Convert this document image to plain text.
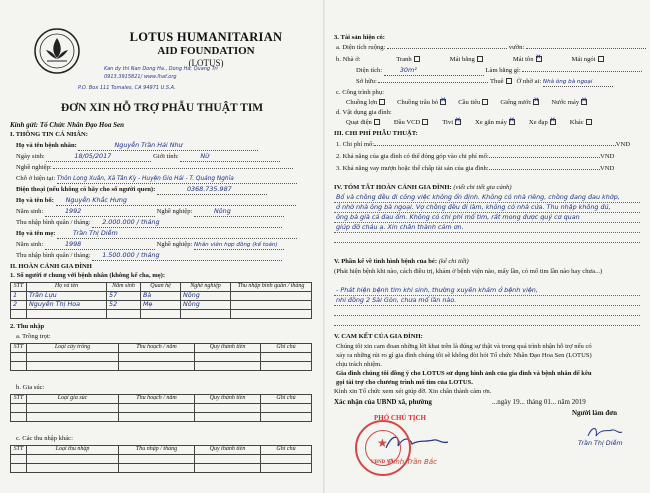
LOTUS HUMANITARIAN
AID FOUNDATION
(LOTUS)
Kan dy thi Nan Dong Ha., Dong Ha, Quang Tri
0913.3915821/ www.lhaf.org
P.O. Box 111 Tomales, CA 94971 U.S.A.
ĐƠN XIN HỖ TRỢ PHẪU THUẬT TIM
Kính gửi: Tổ Chức Nhân Đạo Hoa Sen
I. THÔNG TIN CÁ NHÂN:
Họ và tên bệnh nhân:	Nguyễn Trần Hải Như
Ngày sinh:	18/05/2017	Giới tính:	Nữ
Nghề nghiệp:
Chỗ ở hiện tại: Thôn Long Xuân, Xã Tân Kỳ - Huyện Gio Hải - T. Quảng Nghĩa
Điện thoại (nếu không có hãy cho số người quen):	0368.735.987
Họ và tên bố: Nguyễn Khắc Hưng
Năm sinh:	1992	Nghề nghiệp:	Nông
Thu nhập bình quân / tháng: 2.000.000 / tháng
Họ và tên mẹ:	Trần Thị Diễm
Năm sinh:	1998	Nghề nghiệp: Nhân viên hợp đồng (kế toán)
Thu nhập bình quân / tháng: 1.500.000 / tháng
II. HOÀN CẢNH GIA ĐÌNH
1. Số người ở chung với bệnh nhân (không kể cha, mẹ):
STT	Họ và tên	Năm sinh	Quan hệ	Nghề nghiệp	Thu nhập bình quân / tháng
1	Trần Lựu	57	Bà	Nông	
2	Nguyễn Thị Hoa	52	Mẹ	Nông	

2. Thu nhập
a. Trồng trọt:
STT	Loại cây trồng	Thu hoạch / năm	Quy thành tiền	Ghi chú

b. Gia súc:
STT	Loại gia súc	Thu hoạch / năm	Quy thành tiền	Ghi chú

c. Các thu nhập khác:
STT	Loại thu nhập	Thu nhập / tháng	Quy thành tiền	Ghi chú

3. Tài sản hiện có:
a. Diện tích ruộng:	vườn:
b. Nhà ở:	Tranh	Mái bằng	Mái tôn ✕	Mái ngói
Diện tích:	30m²	Làm bằng gì:
Sở hữu:	Thuê Ở nhờ ai: Nhà ông bà ngoại
c. Công trình phụ:
Chuồng lợn	Chuồng trâu bò ✕	Cầu tiêu	Giếng nước ✕	Nước máy✕
d. Vật dụng gia đình:
Quạt điện	Đầu VCD	Tivi ✕	Xe gắn máy ✕	Xe đạp ✕	Khác
III. CHI PHÍ PHẪU THUẬT:
1. Chi phí mổ:	VND
2. Khả năng của gia đình có thể đóng góp vào chi phí mổ:	VND
3. Khả năng vay mượn hoặc thế chấp tài sản của gia đình:	VND
IV. TÓM TẮT HOÀN CẢNH GIA ĐÌNH: (viết chi tiết gia cảnh)
Bố và chồng đều đi công việc không ổn định. Không có nhà riêng, chồng đang đau khớp,
ở nhờ nhà ông bà ngoại. Vợ chồng đều đi làm, không có nhà cửa. Thu nhập không đủ,
ông bà già cả đau ốm. Không có chi phí mổ tim, rất mong được quý cơ quan
giúp đỡ cháu ạ. Xin chân thành cảm ơn.
V. Phần kể về tình hình bệnh của bé: (kể chi tiết)
(Phát hiện bệnh khi nào, cách điều trị, khám ở bệnh viện nào, mấy lần, có mổ tim lần nào hay chưa...)
- Phát hiện bệnh tim khi sinh, thường xuyên khám ở bệnh viện,
nhi đồng 2 Sài Gòn, chưa mổ lần nào.
V. CAM KẾT CỦA GIA ĐÌNH:
Chúng tôi xin cam đoan những lời khai trên là đúng sự thật và trong quá trình nhận hỗ trợ nếu có
xảy ra những rủi ro gì gia đình chúng tôi sẽ không đòi hỏi Tổ chức Nhân Đạo Hoa Sen (LOTUS)
chịu trách nhiệm.
Gia đình chúng tôi đồng ý cho LOTUS sử dụng hình ảnh của gia đình và bệnh nhân để kêu
gọi tài trợ cho chương trình mổ tim của LOTUS.
Kính xin Tổ chức xem xét giúp đỡ. Xin chân thành cảm ơn.
Xác nhận của UBND xã, phường	...ngày 19... tháng 01... năm 2019
Người làm đơn
PHÓ CHỦ TỊCH
Đinh Trần Bắc
Trần Thị Diễm
★
UBND XÃ
